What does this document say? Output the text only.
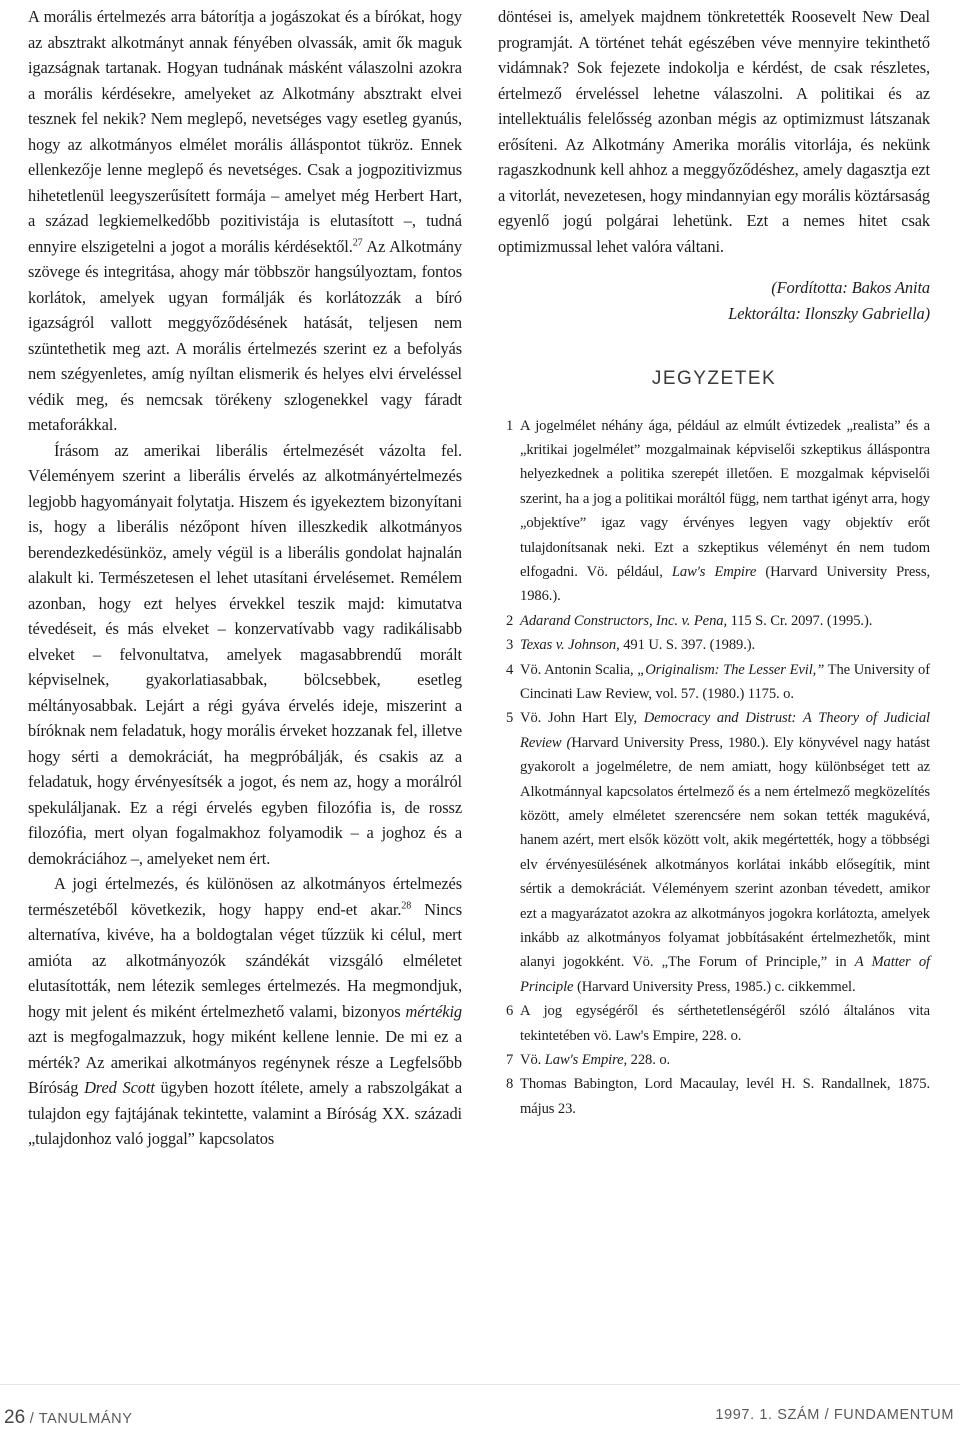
A morális értelmezés arra bátorítja a jogászokat és a bírókat, hogy az absztrakt alkotmányt annak fényében olvassák, amit ők maguk igazságnak tartanak. Hogyan tudnának másként válaszolni azokra a morális kérdésekre, amelyeket az Alkotmány absztrakt elvei tesznek fel nekik? Nem meglepő, nevetséges vagy esetleg gyanús, hogy az alkotmányos elmélet morális álláspontot tükröz. Ennek ellenkezője lenne meglepő és nevetséges. Csak a jogpozitivizmus hihetetlenül leegyszerűsített formája – amelyet még Herbert Hart, a század legkiemelkedőbb pozitivistája is elutasított –, tudná ennyire elszigetelni a jogot a morális kérdésektől.$^{27}$ Az Alkotmány szövege és integritása, ahogy már többször hangsúlyoztam, fontos korlátok, amelyek ugyan formálják és korlátozzák a bíró igazságról vallott meggyőződésének hatását, teljesen nem szüntethetik meg azt. A morális értelmezés szerint ez a befolyás nem szégyenletes, amíg nyíltan elismerik és helyes elvi érveléssel védik meg, és nemcsak törékeny szlogenekkel vagy fáradt metaforákkal.

Írásom az amerikai liberális értelmezését vázolta fel. Véleményem szerint a liberális érvelés az alkotmányértelmezés legjobb hagyományait folytatja. Hiszem és igyekeztem bizonyítani is, hogy a liberális nézőpont híven illeszkedik alkotmányos berendezkedésünköz, amely végül is a liberális gondolat hajnalán alakult ki. Természetesen el lehet utasítani érvelésemet. Remélem azonban, hogy ezt helyes érvekkel teszik majd: kimutatva tévedéseit, és más elveket – konzervatívabb vagy radikálisabb elveket – felvonultatva, amelyek magasabbrendű morált képviselnek, gyakorlatiasabbak, bölcsebbek, esetleg méltányosabbak. Lejárt a régi gyáva érvelés ideje, miszerint a bíróknak nem feladatuk, hogy morális érveket hozzanak fel, illetve hogy sérti a demokráciát, ha megpróbálják, és csakis az a feladatuk, hogy érvényesítsék a jogot, és nem az, hogy a morálról spekuláljanak. Ez a régi érvelés egyben filozófia is, de rossz filozófia, mert olyan fogalmakhoz folyamodik – a joghoz és a demokráciához –, amelyeket nem ért.

A jogi értelmezés, és különösen az alkotmányos értelmezés természetéből következik, hogy happy end-et akar.$^{28}$ Nincs alternatíva, kivéve, ha a boldogtalan véget tűzzük ki célul, mert amióta az alkotmányozók szándékát vizsgáló elméletet elutasították, nem létezik semleges értelmezés. Ha megmondjuk, hogy mit jelent és miként értelmezhető valami, bizonyos mértékig azt is megfogalmazzuk, hogy miként kellene lennie. De mi ez a mérték? Az amerikai alkotmányos regénynek része a Legfelsőbb Bíróság Dred Scott ügyben hozott ítélete, amely a rabszolgákat a tulajdon egy fajtájának tekintette, valamint a Bíróság XX. századi „tulajdonhoz való joggal” kapcsolatos

döntései is, amelyek majdnem tönkretették Roosevelt New Deal programját. A történet tehát egészében véve mennyire tekinthető vidámnak? Sok fejezete indokolja e kérdést, de csak részletes, értelmező érveléssel lehetne válaszolni. A politikai és az intellektuális felelősség azonban mégis az optimizmust látszanak erősíteni. Az Alkotmány Amerika morális vitorlája, és nekünk ragaszkodnunk kell ahhoz a meggyőződéshez, amely dagasztja ezt a vitorlát, nevezetesen, hogy mindannyian egy morális köztársaság egyenlő jogú polgárai lehetünk. Ezt a nemes hitet csak optimizmussal lehet valóra váltani.

(Fordította: Bakos Anita
Lektorálta: Ilonszky Gabriella)
JEGYZETEK

1 A jogelmélet néhány ága, például az elmúlt évtizedek „realista” és a „kritikai jogelmélet” mozgalmainak képviselői szkeptikus álláspontra helyezkednek a politika szerepét illetően. E mozgalmak képviselői szerint, ha a jog a politikai moráltól függ, nem tarthat igényt arra, hogy „objektíve” igaz vagy érvényes legyen vagy objektív erőt tulajdonítsanak neki. Ezt a szkeptikus véleményt én nem tudom elfogadni. Vö. például, Law's Empire (Harvard University Press, 1986.).

2 Adarand Constructors, Inc. v. Pena, 115 S. Cr. 2097. (1995.).

3 Texas v. Johnson, 491 U. S. 397. (1989.).

4 Vö. Antonin Scalia, „Originalism: The Lesser Evil,” The University of Cincinati Law Review, vol. 57. (1980.) 1175. o.

5 Vö. John Hart Ely, Democracy and Distrust: A Theory of Judicial Review (Harvard University Press, 1980.). Ely könyvével nagy hatást gyakorolt a jogelméletre, de nem amiatt, hogy különbséget tett az Alkotmánnyal kapcsolatos értelmező és a nem értelmező megközelítés között, amely elméletet szerencsére nem sokan tették magukévá, hanem azért, mert elsők között volt, akik megértették, hogy a többségi elv érvényesülésének alkotmányos korlátai inkább elősegítik, mint sértik a demokráciát. Véleményem szerint azonban tévedett, amikor ezt a magyarázatot azokra az alkotmányos jogokra korlátozta, amelyek inkább az alkotmányos folyamat jobbításaként értelmezhetők, mint alanyi jogokként. Vö. „The Forum of Principle,” in A Matter of Principle (Harvard University Press, 1985.) c. cikkemmel.

6 A jog egységéről és sérthetetlenségéről szóló általános vita tekintetében vö. Law's Empire, 228. o.

7 Vö. Law's Empire, 228. o.

8 Thomas Babington, Lord Macaulay, levél H. S. Randallnek, 1875. május 23.

26 / TANULMÁNY	1997. 1. SZÁM / FUNDAMENTUM
